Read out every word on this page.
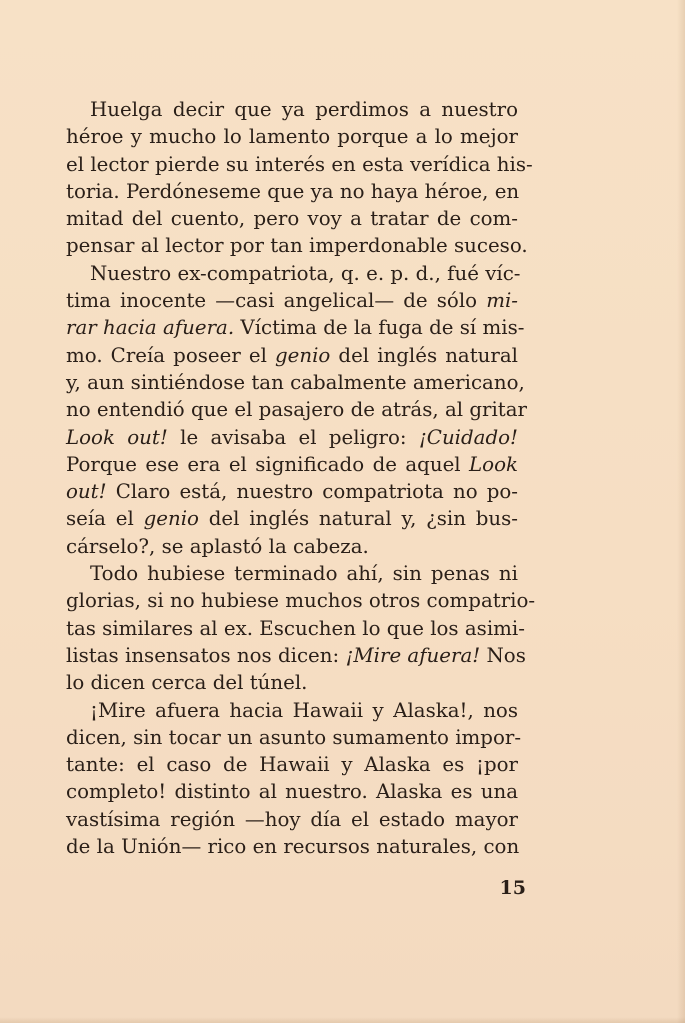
Huelga decir que ya perdimos a nuestro
héroe y mucho lo lamento porque a lo mejor
el lector pierde su interés en esta verídica his-
toria. Perdóneseme que ya no haya héroe, en
mitad del cuento, pero voy a tratar de com-
pensar al lector por tan imperdonable suceso.
Nuestro ex-compatriota, q. e. p. d., fué víc-
tima inocente —casi angelical— de sólo mi-
rar hacia afuera. Víctima de la fuga de sí mis-
mo. Creía poseer el genio del inglés natural
y, aun sintiéndose tan cabalmente americano,
no entendió que el pasajero de atrás, al gritar
Look out! le avisaba el peligro: ¡Cuidado!
Porque ese era el significado de aquel Look
out! Claro está, nuestro compatriota no po-
seía el genio del inglés natural y, ¿sin bus-
cárselo?, se aplastó la cabeza.
Todo hubiese terminado ahí, sin penas ni
glorias, si no hubiese muchos otros compatrio-
tas similares al ex. Escuchen lo que los asimi-
listas insensatos nos dicen: ¡Mire afuera! Nos
lo dicen cerca del túnel.
¡Mire afuera hacia Hawaii y Alaska!, nos
dicen, sin tocar un asunto sumamento impor-
tante: el caso de Hawaii y Alaska es ¡por
completo! distinto al nuestro. Alaska es una
vastísima región —hoy día el estado mayor
de la Unión— rico en recursos naturales, con
15
